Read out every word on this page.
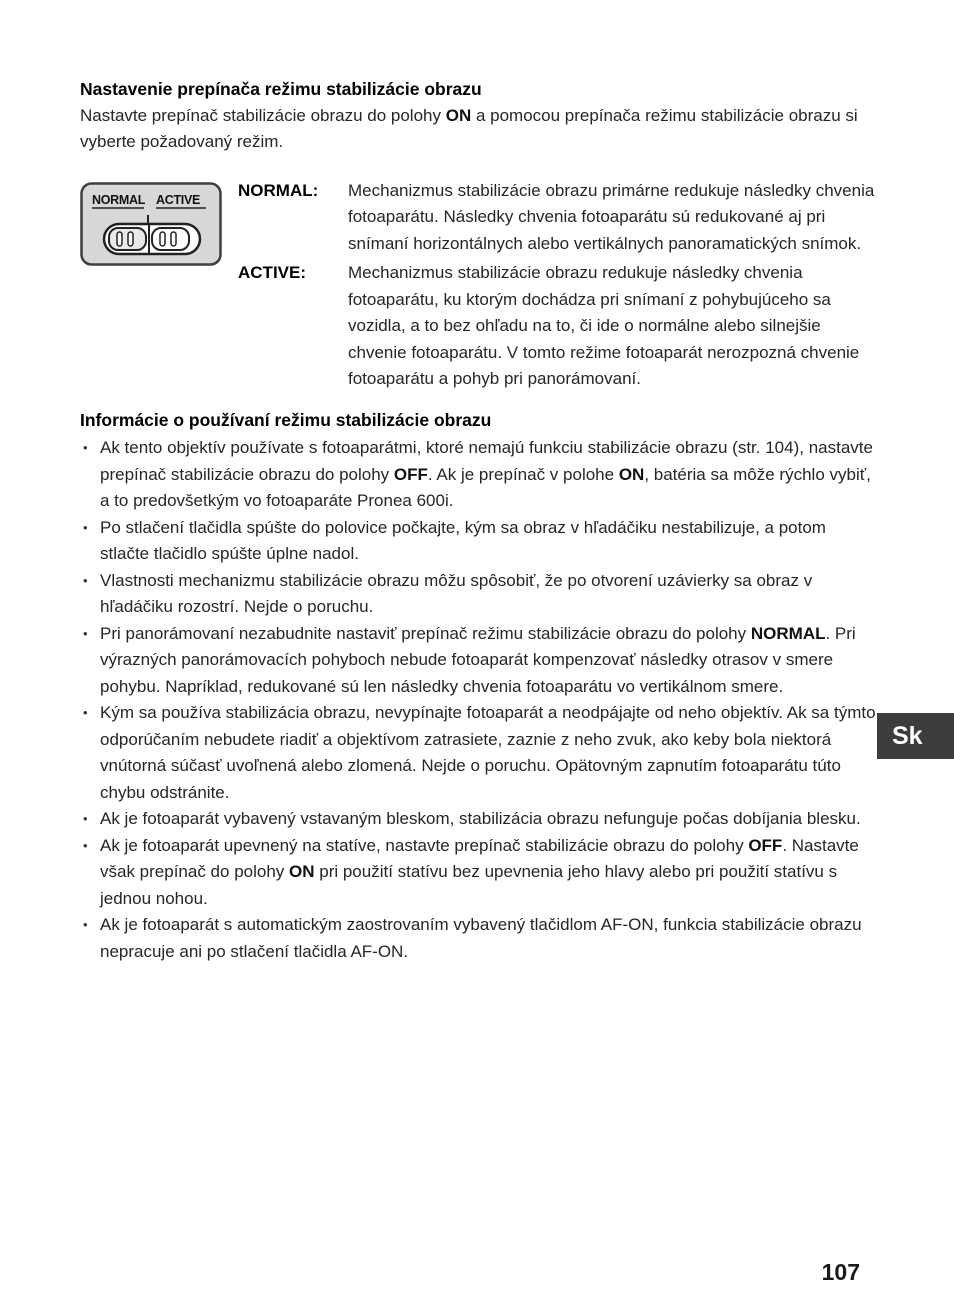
Nastavenie prepínača režimu stabilizácie obrazu

Nastavte prepínač stabilizácie obrazu do polohy ON a pomocou prepínača režimu stabilizácie obrazu si vyberte požadovaný režim.

NORMAL ACTIVE NORMAL:	Mechanizmus stabilizácie obrazu primárne redukuje následky chvenia fotoaparátu. Následky chvenia fotoaparátu sú redukované aj pri snímaní horizontálnych alebo vertikálnych panoramatických snímok.
ACTIVE:	Mechanizmus stabilizácie obrazu redukuje následky chvenia fotoaparátu, ku ktorým dochádza pri snímaní z pohybujúceho sa vozidla, a to bez ohľadu na to, či ide o normálne alebo silnejšie chvenie fotoaparátu. V tomto režime fotoaparát nerozpozná chvenie fotoaparátu a pohyb pri panorámovaní.
Informácie o používaní režimu stabilizácie obrazu
• Ak tento objektív používate s fotoaparátmi, ktoré nemajú funkciu stabilizácie obrazu (str. 104), nastavte prepínač stabilizácie obrazu do polohy OFF. Ak je prepínač v polohe ON, batéria sa môže rýchlo vybiť, a to predovšetkým vo fotoaparáte Pronea 600i.
• Po stlačení tlačidla spúšte do polovice počkajte, kým sa obraz v hľadáčiku nestabilizuje, a potom stlačte tlačidlo spúšte úplne nadol.
• Vlastnosti mechanizmu stabilizácie obrazu môžu spôsobiť, že po otvorení uzávierky sa obraz v hľadáčiku rozostrí. Nejde o poruchu.
• Pri panorámovaní nezabudnite nastaviť prepínač režimu stabilizácie obrazu do polohy NORMAL. Pri výrazných panorámovacích pohyboch nebude fotoaparát kompenzovať následky otrasov v smere pohybu. Napríklad, redukované sú len následky chvenia fotoaparátu vo vertikálnom smere.
• Kým sa používa stabilizácia obrazu, nevypínajte fotoaparát a neodpájajte od neho objektív. Ak sa týmto odporúčaním nebudete riadiť a objektívom zatrasiete, zaznie z neho zvuk, ako keby bola niektorá vnútorná súčasť uvoľnená alebo zlomená. Nejde o poruchu. Opätovným zapnutím fotoaparátu túto chybu odstránite.
• Ak je fotoaparát vybavený vstavaným bleskom, stabilizácia obrazu nefunguje počas dobíjania blesku.
• Ak je fotoaparát upevnený na statíve, nastavte prepínač stabilizácie obrazu do polohy OFF. Nastavte však prepínač do polohy ON pri použití statívu bez upevnenia jeho hlavy alebo pri použití statívu s jednou nohou.
• Ak je fotoaparát s automatickým zaostrovaním vybavený tlačidlom AF-ON, funkcia stabilizácie obrazu nepracuje ani po stlačení tlačidla AF-ON.
Sk
107
